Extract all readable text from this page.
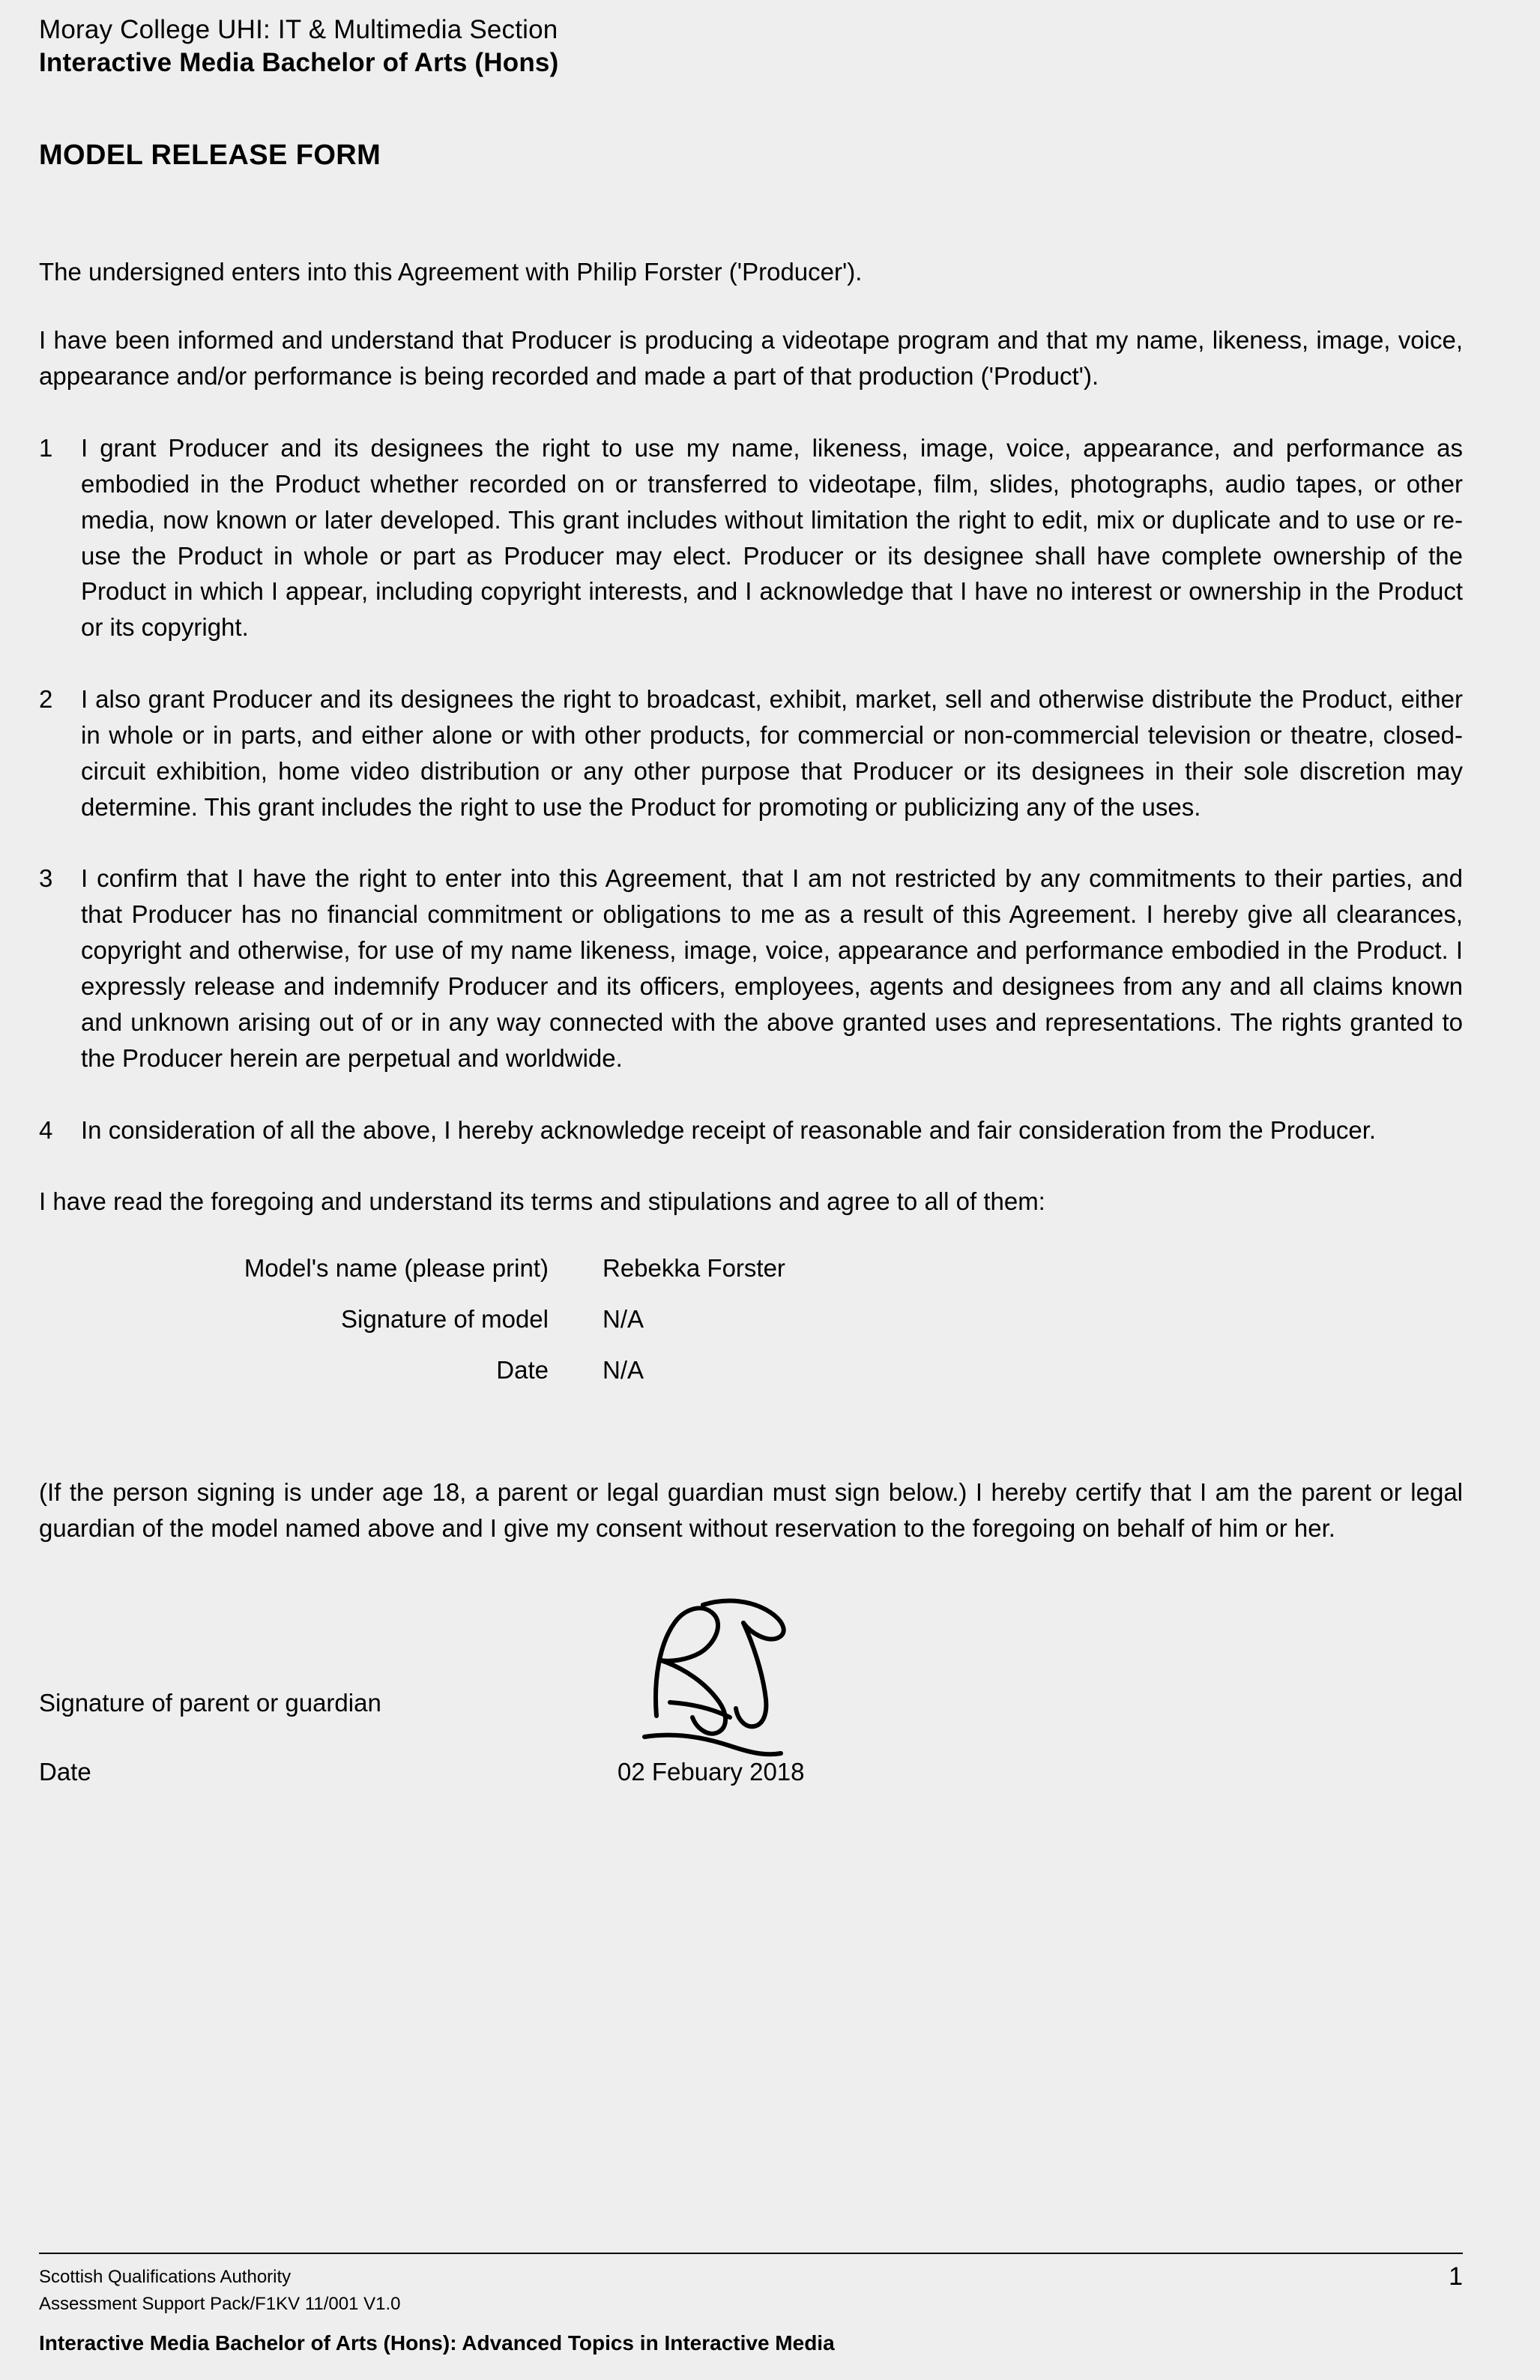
Moray College UHI: IT & Multimedia Section
Interactive Media Bachelor of Arts (Hons)
MODEL RELEASE FORM
The undersigned enters into this Agreement with Philip Forster ('Producer').
I have been informed and understand that Producer is producing a videotape program and that my name, likeness, image, voice, appearance and/or performance is being recorded and made a part of that production ('Product').
1	I grant Producer and its designees the right to use my name, likeness, image, voice, appearance, and performance as embodied in the Product whether recorded on or transferred to videotape, film, slides, photographs, audio tapes, or other media, now known or later developed. This grant includes without limitation the right to edit, mix or duplicate and to use or re-use the Product in whole or part as Producer may elect. Producer or its designee shall have complete ownership of the Product in which I appear, including copyright interests, and I acknowledge that I have no interest or ownership in the Product or its copyright.
2	I also grant Producer and its designees the right to broadcast, exhibit, market, sell and otherwise distribute the Product, either in whole or in parts, and either alone or with other products, for commercial or non-commercial television or theatre, closed-circuit exhibition, home video distribution or any other purpose that Producer or its designees in their sole discretion may determine. This grant includes the right to use the Product for promoting or publicizing any of the uses.
3	I confirm that I have the right to enter into this Agreement, that I am not restricted by any commitments to their parties, and that Producer has no financial commitment or obligations to me as a result of this Agreement. I hereby give all clearances, copyright and otherwise, for use of my name likeness, image, voice, appearance and performance embodied in the Product. I expressly release and indemnify Producer and its officers, employees, agents and designees from any and all claims known and unknown arising out of or in any way connected with the above granted uses and representations. The rights granted to the Producer herein are perpetual and worldwide.
4	In consideration of all the above, I hereby acknowledge receipt of reasonable and fair consideration from the Producer.
I have read the foregoing and understand its terms and stipulations and agree to all of them:
Model's name (please print) Rebekka Forster
Signature of model N/A
Date N/A
(If the person signing is under age 18, a parent or legal guardian must sign below.) I hereby certify that I am the parent or legal guardian of the model named above and I give my consent without reservation to the foregoing on behalf of him or her.
Signature of parent or guardian
Date	02 Febuary 2018
Scottish Qualifications Authority
Assessment Support Pack/F1KV 11/001 V1.0
Interactive Media Bachelor of Arts (Hons): Advanced Topics in Interactive Media
1
